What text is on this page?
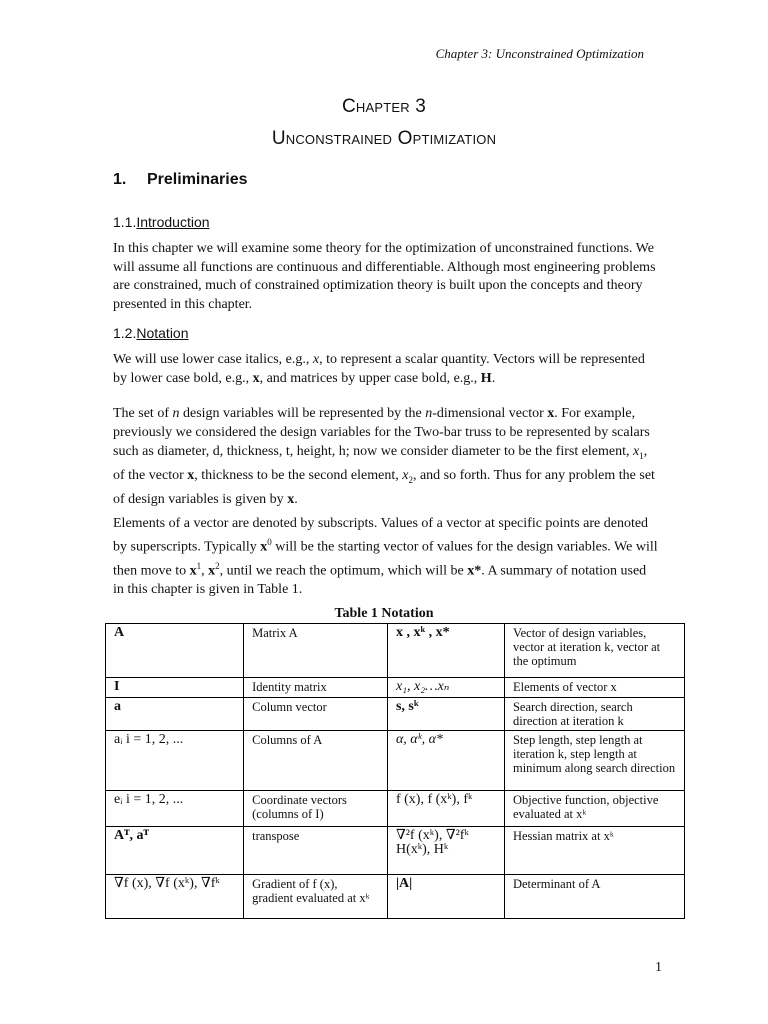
Chapter 3: Unconstrained Optimization
Chapter 3
Unconstrained Optimization
1. Preliminaries
1.1.Introduction
In this chapter we will examine some theory for the optimization of unconstrained functions. We will assume all functions are continuous and differentiable. Although most engineering problems are constrained, much of constrained optimization theory is built upon the concepts and theory presented in this chapter.
1.2.Notation
We will use lower case italics, e.g., x, to represent a scalar quantity. Vectors will be represented by lower case bold, e.g., x, and matrices by upper case bold, e.g., H.
The set of n design variables will be represented by the n-dimensional vector x. For example, previously we considered the design variables for the Two-bar truss to be represented by scalars such as diameter, d, thickness, t, height, h; now we consider diameter to be the first element, $x_1$, of the vector x, thickness to be the second element, $x_2$, and so forth. Thus for any problem the set of design variables is given by x.
Elements of a vector are denoted by subscripts. Values of a vector at specific points are denoted by superscripts. Typically $x^0$ will be the starting vector of values for the design variables. We will then move to $x^1$, $x^2$, until we reach the optimum, which will be x*. A summary of notation used in this chapter is given in Table 1.
Table 1 Notation
A	Matrix A	x , xᵏ , x*	Vector of design variables, vector at iteration k, vector at the optimum
I	Identity matrix	x₁, x₂…xₙ	Elements of vector x
a	Column vector	s, sᵏ	Search direction, search direction at iteration k
aᵢ i = 1, 2, ...	Columns of A	α, αᵏ, α*	Step length, step length at iteration k, step length at minimum along search direction
eᵢ i = 1, 2, ...	Coordinate vectors (columns of I)	f (x), f (xᵏ), fᵏ	Objective function, objective evaluated at xᵏ
Aᵀ, aᵀ	transpose	∇²f (xᵏ), ∇²fᵏ H(xᵏ), Hᵏ	Hessian matrix at xᵏ
∇f (x), ∇f (xᵏ), ∇fᵏ	Gradient of f (x), gradient evaluated at xᵏ	|A|	Determinant of A
1
